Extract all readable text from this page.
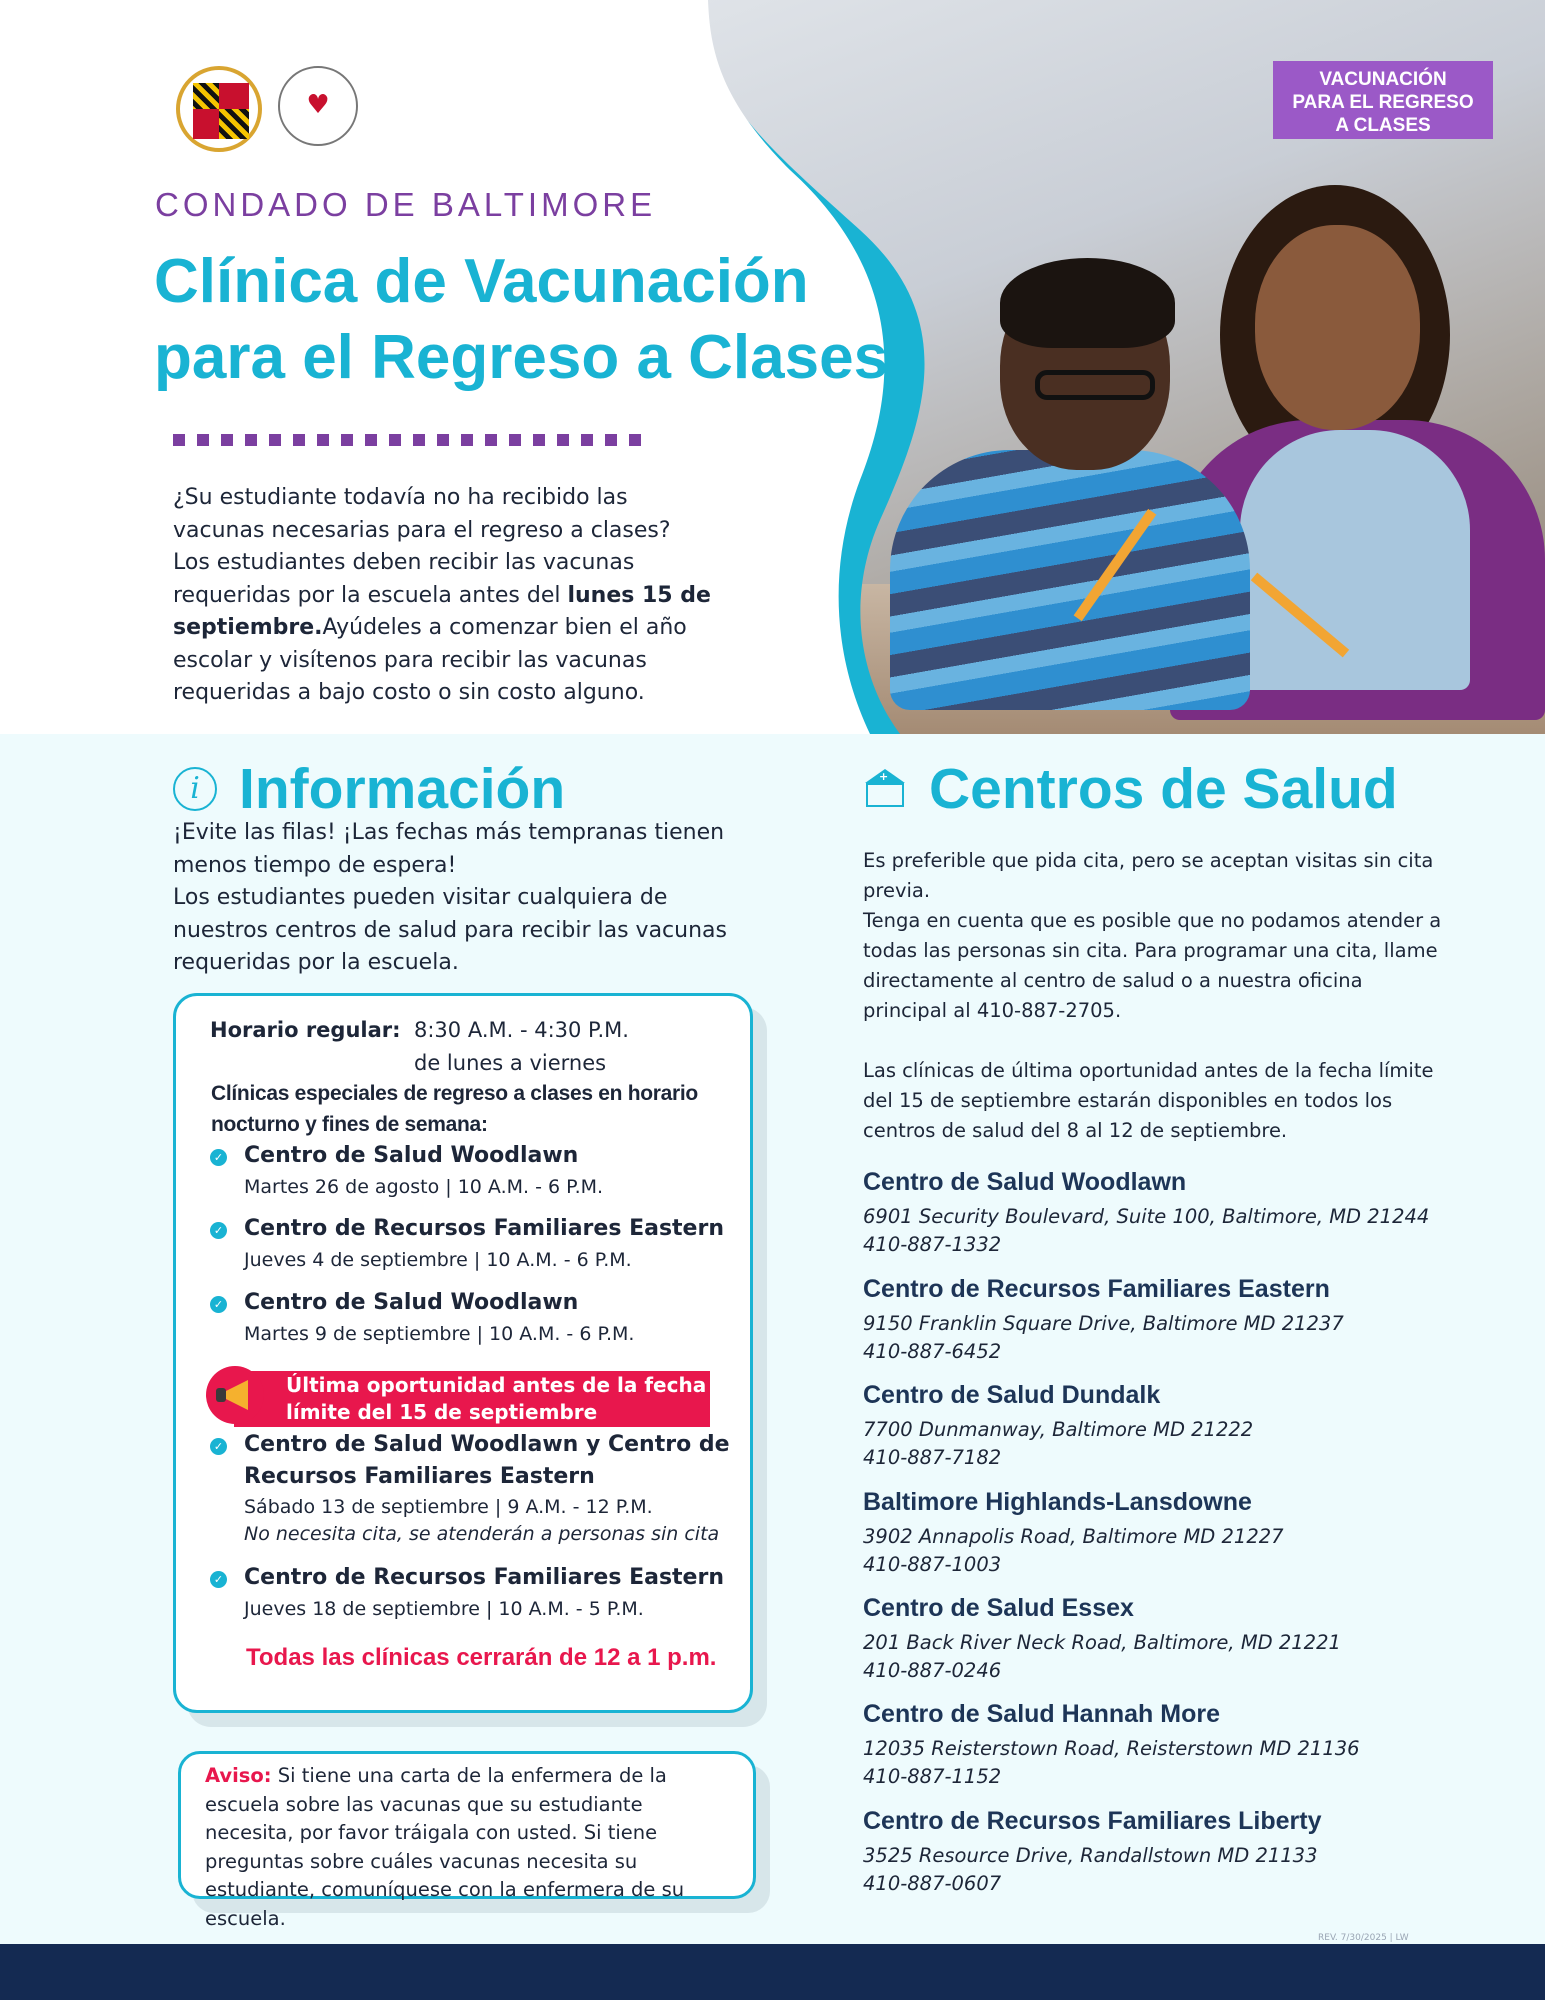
♥
VACUNACIÓN
PARA EL REGRESO
A CLASES
CONDADO DE BALTIMORE
Clínica de Vacunación
para el Regreso a Clases

¿Su estudiante todavía no ha recibido las vacunas necesarias para el regreso a clases? Los estudiantes deben recibir las vacunas requeridas por la escuela antes del lunes 15 de septiembre.Ayúdeles a comenzar bien el año escolar y visítenos para recibir las vacunas requeridas a bajo costo o sin costo alguno.

i Información

¡Evite las filas! ¡Las fechas más tempranas tienen menos tiempo de espera!

Los estudiantes pueden visitar cualquiera de nuestros centros de salud para recibir las vacunas requeridas por la escuela.

Horario regular: 8:30 A.M. - 4:30 P.M.
de lunes a viernes
Clínicas especiales de regreso a clases en horario nocturno y fines de semana:
✓ Centro de Salud Woodlawn
Martes 26 de agosto | 10 A.M. - 6 P.M.
✓ Centro de Recursos Familiares Eastern
Jueves 4 de septiembre | 10 A.M. - 6 P.M.
✓ Centro de Salud Woodlawn
Martes 9 de septiembre | 10 A.M. - 6 P.M.
Última oportunidad antes de la fecha
límite del 15 de septiembre
✓ Centro de Salud Woodlawn y Centro de
Recursos Familiares Eastern
Sábado 13 de septiembre | 9 A.M. - 12 P.M.
No necesita cita, se atenderán a personas sin cita
✓ Centro de Recursos Familiares Eastern
Jueves 18 de septiembre | 10 A.M. - 5 P.M.
Todas las clínicas cerrarán de 12 a 1 p.m.
Aviso: Si tiene una carta de la enfermera de la escuela sobre las vacunas que su estudiante necesita, por favor tráigala con usted. Si tiene preguntas sobre cuáles vacunas necesita su estudiante, comuníquese con la enfermera de su escuela.
+ Centros de Salud
Es preferible que pida cita, pero se aceptan visitas sin cita previa.
Tenga en cuenta que es posible que no podamos atender a todas las personas sin cita. Para programar una cita, llame directamente al centro de salud o a nuestra oficina principal al 410-887-2705.

Las clínicas de última oportunidad antes de la fecha límite del 15 de septiembre estarán disponibles en todos los centros de salud del 8 al 12 de septiembre.
Centro de Salud Woodlawn
6901 Security Boulevard, Suite 100, Baltimore, MD 21244
410-887-1332
Centro de Recursos Familiares Eastern
9150 Franklin Square Drive, Baltimore MD 21237
410-887-6452
Centro de Salud Dundalk
7700 Dunmanway, Baltimore MD 21222
410-887-7182
Baltimore Highlands-Lansdowne
3902 Annapolis Road, Baltimore MD 21227
410-887-1003
Centro de Salud Essex
201 Back River Neck Road, Baltimore, MD 21221
410-887-0246
Centro de Salud Hannah More
12035 Reisterstown Road, Reisterstown MD 21136
410-887-1152
Centro de Recursos Familiares Liberty
3525 Resource Drive, Randallstown MD 21133
410-887-0607
REV. 7/30/2025 | LW
